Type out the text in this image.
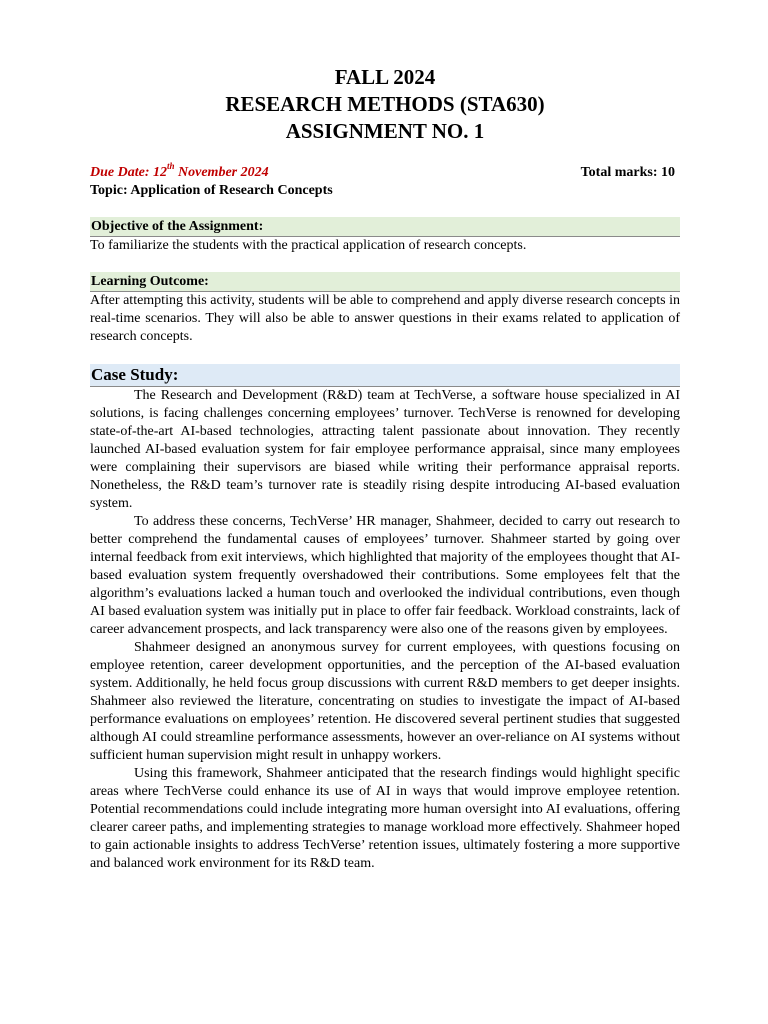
FALL 2024
RESEARCH METHODS (STA630)
ASSIGNMENT NO. 1
Due Date: 12th November 2024	Total marks: 10
Topic: Application of Research Concepts
Objective of the Assignment:
To familiarize the students with the practical application of research concepts.
Learning Outcome:
After attempting this activity, students will be able to comprehend and apply diverse research concepts in real-time scenarios. They will also be able to answer questions in their exams related to application of research concepts.
Case Study:

The Research and Development (R&D) team at TechVerse, a software house specialized in AI solutions, is facing challenges concerning employees’ turnover. TechVerse is renowned for developing state-of-the-art AI-based technologies, attracting talent passionate about innovation. They recently launched AI-based evaluation system for fair employee performance appraisal, since many employees were complaining their supervisors are biased while writing their performance appraisal reports. Nonetheless, the R&D team’s turnover rate is steadily rising despite introducing AI-based evaluation system.

To address these concerns, TechVerse’ HR manager, Shahmeer, decided to carry out research to better comprehend the fundamental causes of employees’ turnover. Shahmeer started by going over internal feedback from exit interviews, which highlighted that majority of the employees thought that AI-based evaluation system frequently overshadowed their contributions. Some employees felt that the algorithm’s evaluations lacked a human touch and overlooked the individual contributions, even though AI based evaluation system was initially put in place to offer fair feedback. Workload constraints, lack of career advancement prospects, and lack transparency were also one of the reasons given by employees.

Shahmeer designed an anonymous survey for current employees, with questions focusing on employee retention, career development opportunities, and the perception of the AI-based evaluation system. Additionally, he held focus group discussions with current R&D members to get deeper insights. Shahmeer also reviewed the literature, concentrating on studies to investigate the impact of AI-based performance evaluations on employees’ retention. He discovered several pertinent studies that suggested although AI could streamline performance assessments, however an over-reliance on AI systems without sufficient human supervision might result in unhappy workers.

Using this framework, Shahmeer anticipated that the research findings would highlight specific areas where TechVerse could enhance its use of AI in ways that would improve employee retention. Potential recommendations could include integrating more human oversight into AI evaluations, offering clearer career paths, and implementing strategies to manage workload more effectively. Shahmeer hoped to gain actionable insights to address TechVerse’ retention issues, ultimately fostering a more supportive and balanced work environment for its R&D team.
